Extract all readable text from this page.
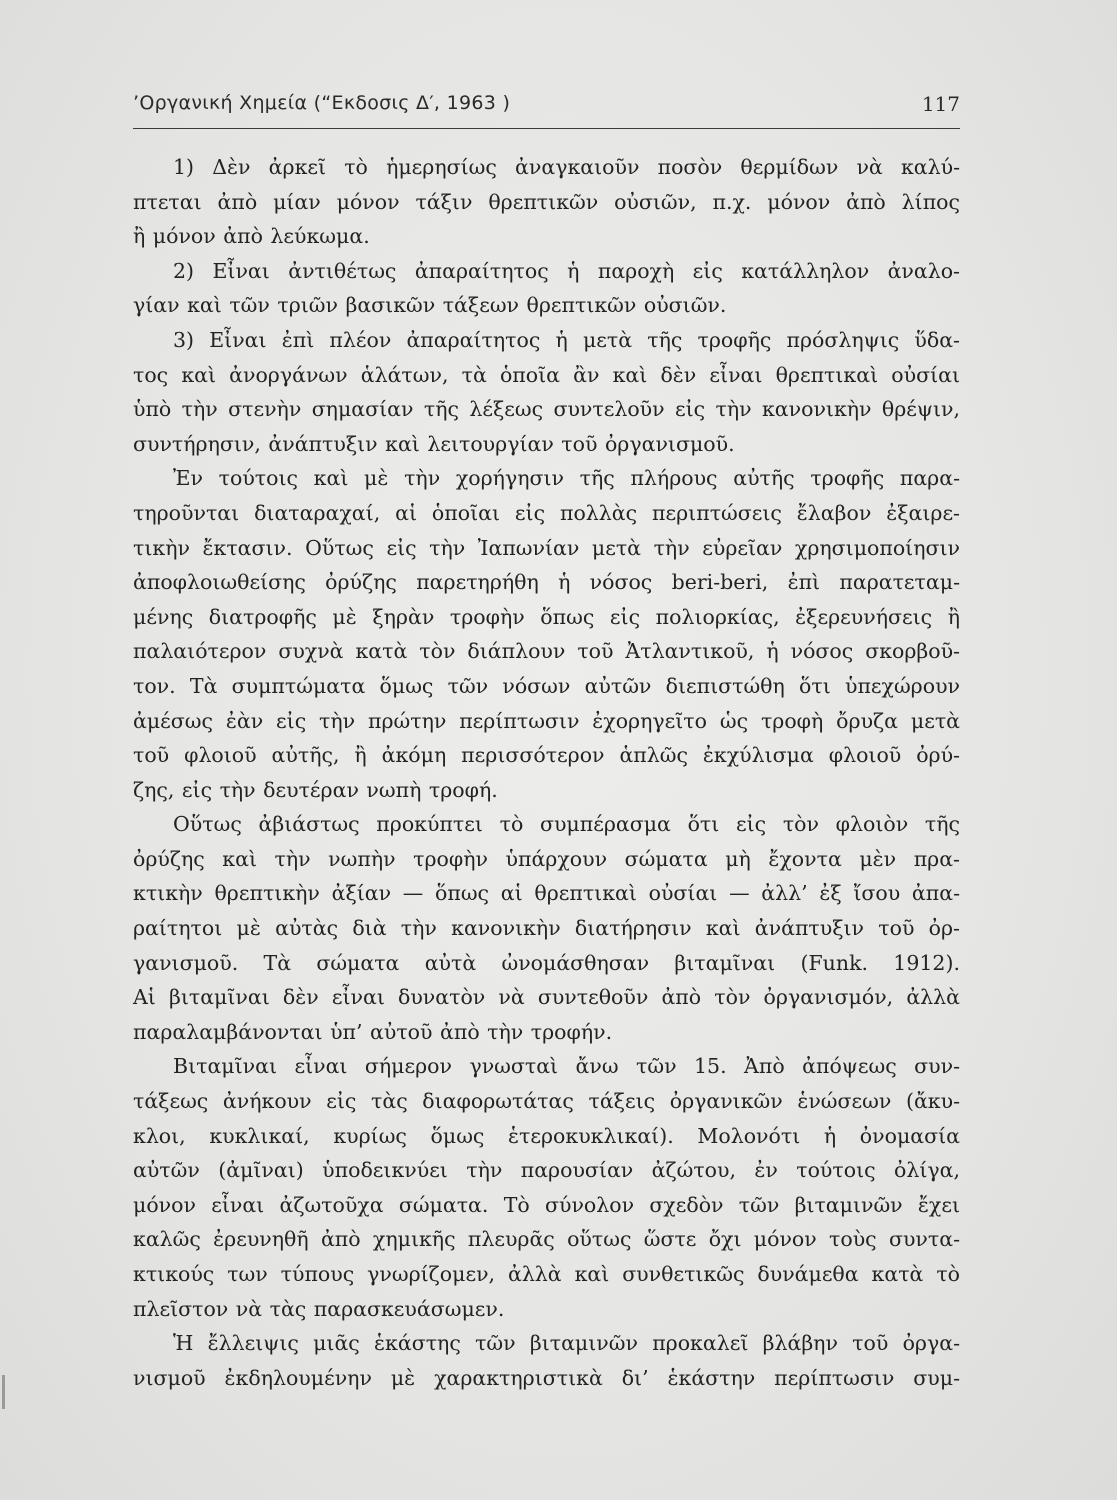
’Οργανική Χημεία (“Εκδοσις Δ′, 1963 )	117
1) Δὲν ἀρκεῖ τὸ ἡμερησίως ἀναγκαιοῦν ποσὸν θερμίδων νὰ καλύ-
πτεται ἀπὸ μίαν μόνον τάξιν θρεπτικῶν οὐσιῶν, π.χ. μόνον ἀπὸ λίπος
ἢ μόνον ἀπὸ λεύκωμα.
2) Εἶναι ἀντιθέτως ἀπαραίτητος ἡ παροχὴ εἰς κατάλληλον ἀναλο-
γίαν καὶ τῶν τριῶν βασικῶν τάξεων θρεπτικῶν οὐσιῶν.
3) Εἶναι ἐπὶ πλέον ἀπαραίτητος ἡ μετὰ τῆς τροφῆς πρόσληψις ὕδα-
τος καὶ ἀνοργάνων ἁλάτων, τὰ ὁποῖα ἂν καὶ δὲν εἶναι θρεπτικαὶ οὐσίαι
ὑπὸ τὴν στενὴν σημασίαν τῆς λέξεως συντελοῦν εἰς τὴν κανονικὴν θρέψιν,
συντήρησιν, ἀνάπτυξιν καὶ λειτουργίαν τοῦ ὀργανισμοῦ.
Ἐν τούτοις καὶ μὲ τὴν χορήγησιν τῆς πλήρους αὐτῆς τροφῆς παρα-
τηροῦνται διαταραχαί, αἱ ὁποῖαι εἰς πολλὰς περιπτώσεις ἔλαβον ἐξαιρε-
τικὴν ἔκτασιν. Οὕτως εἰς τὴν Ἰαπωνίαν μετὰ τὴν εὐρεῖαν χρησιμοποίησιν
ἀποφλοιωθείσης ὀρύζης παρετηρήθη ἡ νόσος beri-beri, ἐπὶ παρατεταμ-
μένης διατροφῆς μὲ ξηρὰν τροφὴν ὅπως εἰς πολιορκίας, ἐξερευνήσεις ἢ
παλαιότερον συχνὰ κατὰ τὸν διάπλουν τοῦ Ἀτλαντικοῦ, ἡ νόσος σκορβοῦ-
τον. Τὰ συμπτώματα ὅμως τῶν νόσων αὐτῶν διεπιστώθη ὅτι ὑπεχώρουν
ἀμέσως ἐὰν εἰς τὴν πρώτην περίπτωσιν ἐχορηγεῖτο ὡς τροφὴ ὄρυζα μετὰ
τοῦ φλοιοῦ αὐτῆς, ἢ ἀκόμη περισσότερον ἁπλῶς ἐκχύλισμα φλοιοῦ ὀρύ-
ζης, εἰς τὴν δευτέραν νωπὴ τροφή.
Οὕτως ἀβιάστως προκύπτει τὸ συμπέρασμα ὅτι εἰς τὸν φλοιὸν τῆς
ὀρύζης καὶ τὴν νωπὴν τροφὴν ὑπάρχουν σώματα μὴ ἔχοντα μὲν πρα-
κτικὴν θρεπτικὴν ἀξίαν — ὅπως αἱ θρεπτικαὶ οὐσίαι — ἀλλ’ ἐξ ἴσου ἀπα-
ραίτητοι μὲ αὐτὰς διὰ τὴν κανονικὴν διατήρησιν καὶ ἀνάπτυξιν τοῦ ὀρ-
γανισμοῦ. Τὰ σώματα αὐτὰ ὠνομάσθησαν βιταμῖναι (Funk. 1912).
Αἱ βιταμῖναι δὲν εἶναι δυνατὸν νὰ συντεθοῦν ἀπὸ τὸν ὀργανισμόν, ἀλλὰ
παραλαμβάνονται ὑπ’ αὐτοῦ ἀπὸ τὴν τροφήν.
Βιταμῖναι εἶναι σήμερον γνωσταὶ ἄνω τῶν 15. Ἀπὸ ἀπόψεως συν-
τάξεως ἀνήκουν εἰς τὰς διαφορωτάτας τάξεις ὀργανικῶν ἑνώσεων (ἄκυ-
κλοι, κυκλικαί, κυρίως ὅμως ἑτεροκυκλικαί). Μολονότι ἡ ὀνομασία
αὐτῶν (ἀμῖναι) ὑποδεικνύει τὴν παρουσίαν ἀζώτου, ἐν τούτοις ὀλίγα,
μόνον εἶναι ἀζωτοῦχα σώματα. Τὸ σύνολον σχεδὸν τῶν βιταμινῶν ἔχει
καλῶς ἐρευνηθῆ ἀπὸ χημικῆς πλευρᾶς οὕτως ὥστε ὄχι μόνον τοὺς συντα-
κτικούς των τύπους γνωρίζομεν, ἀλλὰ καὶ συνθετικῶς δυνάμεθα κατὰ τὸ
πλεῖστον νὰ τὰς παρασκευάσωμεν.
Ἡ ἔλλειψις μιᾶς ἑκάστης τῶν βιταμινῶν προκαλεῖ βλάβην τοῦ ὀργα-
νισμοῦ ἐκδηλουμένην μὲ χαρακτηριστικὰ δι’ ἑκάστην περίπτωσιν συμ-
